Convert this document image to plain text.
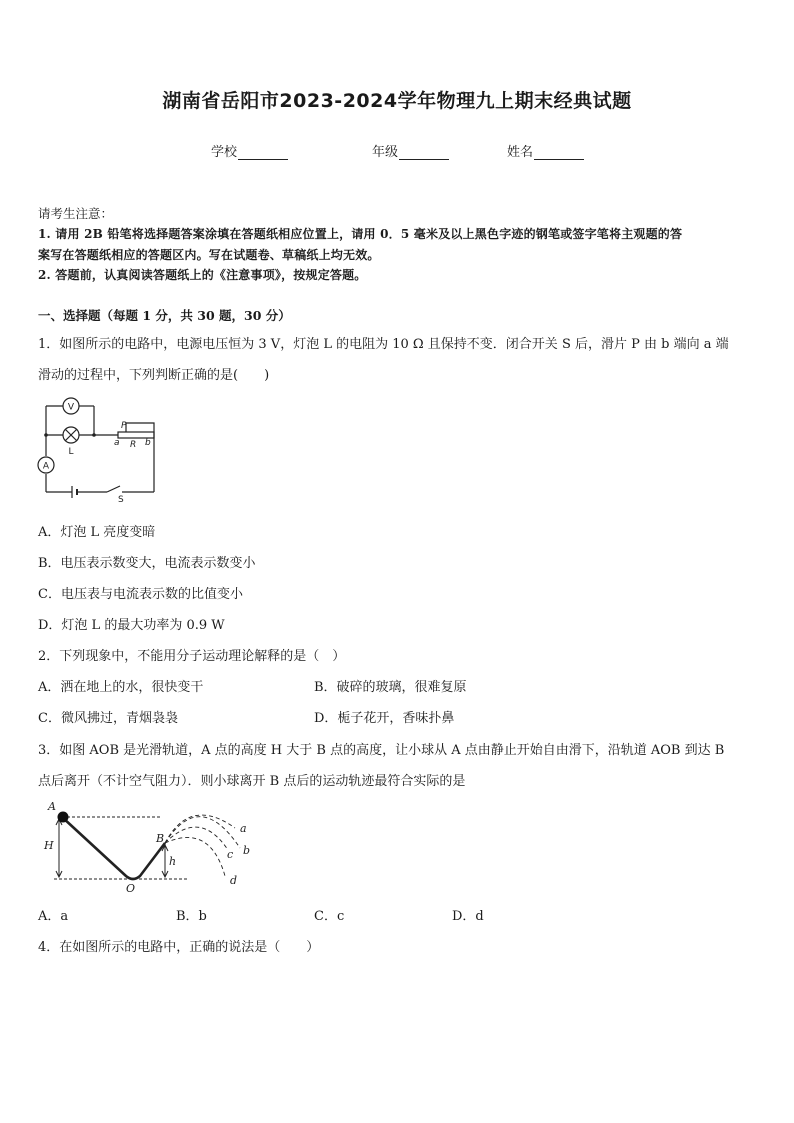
湖南省岳阳市2023-2024学年物理九上期末经典试题
学校	年级	姓名
请考生注意：
1. 请用 2B 铅笔将选择题答案涂填在答题纸相应位置上，请用 0．5 毫米及以上黑色字迹的钢笔或签字笔将主观题的答
案写在答题纸相应的答题区内。写在试题卷、草稿纸上均无效。
2. 答题前，认真阅读答题纸上的《注意事项》，按规定答题。
一、选择题（每题 1 分，共 30 题，30 分）
1．如图所示的电路中，电源电压恒为 3 V，灯泡 L 的电阻为 10 Ω 且保持不变．闭合开关 S 后，滑片 P 由 b 端向 a 端
滑动的过程中，下列判断正确的是(　　)
V
A
L
P
a R b
S
A．灯泡 L 亮度变暗
B．电压表示数变大，电流表示数变小
C．电压表与电流表示数的比值变小
D．灯泡 L 的最大功率为 0.9 W
2．下列现象中，不能用分子运动理论解释的是（　）
A．洒在地上的水，很快变干	B．破碎的玻璃，很难复原
C．微风拂过，青烟袅袅	D．栀子花开，香味扑鼻
3．如图 AOB 是光滑轨道，A 点的高度 H 大于 B 点的高度，让小球从 A 点由静止开始自由滑下，沿轨道 AOB 到达 B
点后离开（不计空气阻力）．则小球离开 B 点后的运动轨迹最符合实际的是
A
B
H
h
O
a
b
c
d
A．a	B．b	C．c	D．d
4．在如图所示的电路中，正确的说法是（　　）
